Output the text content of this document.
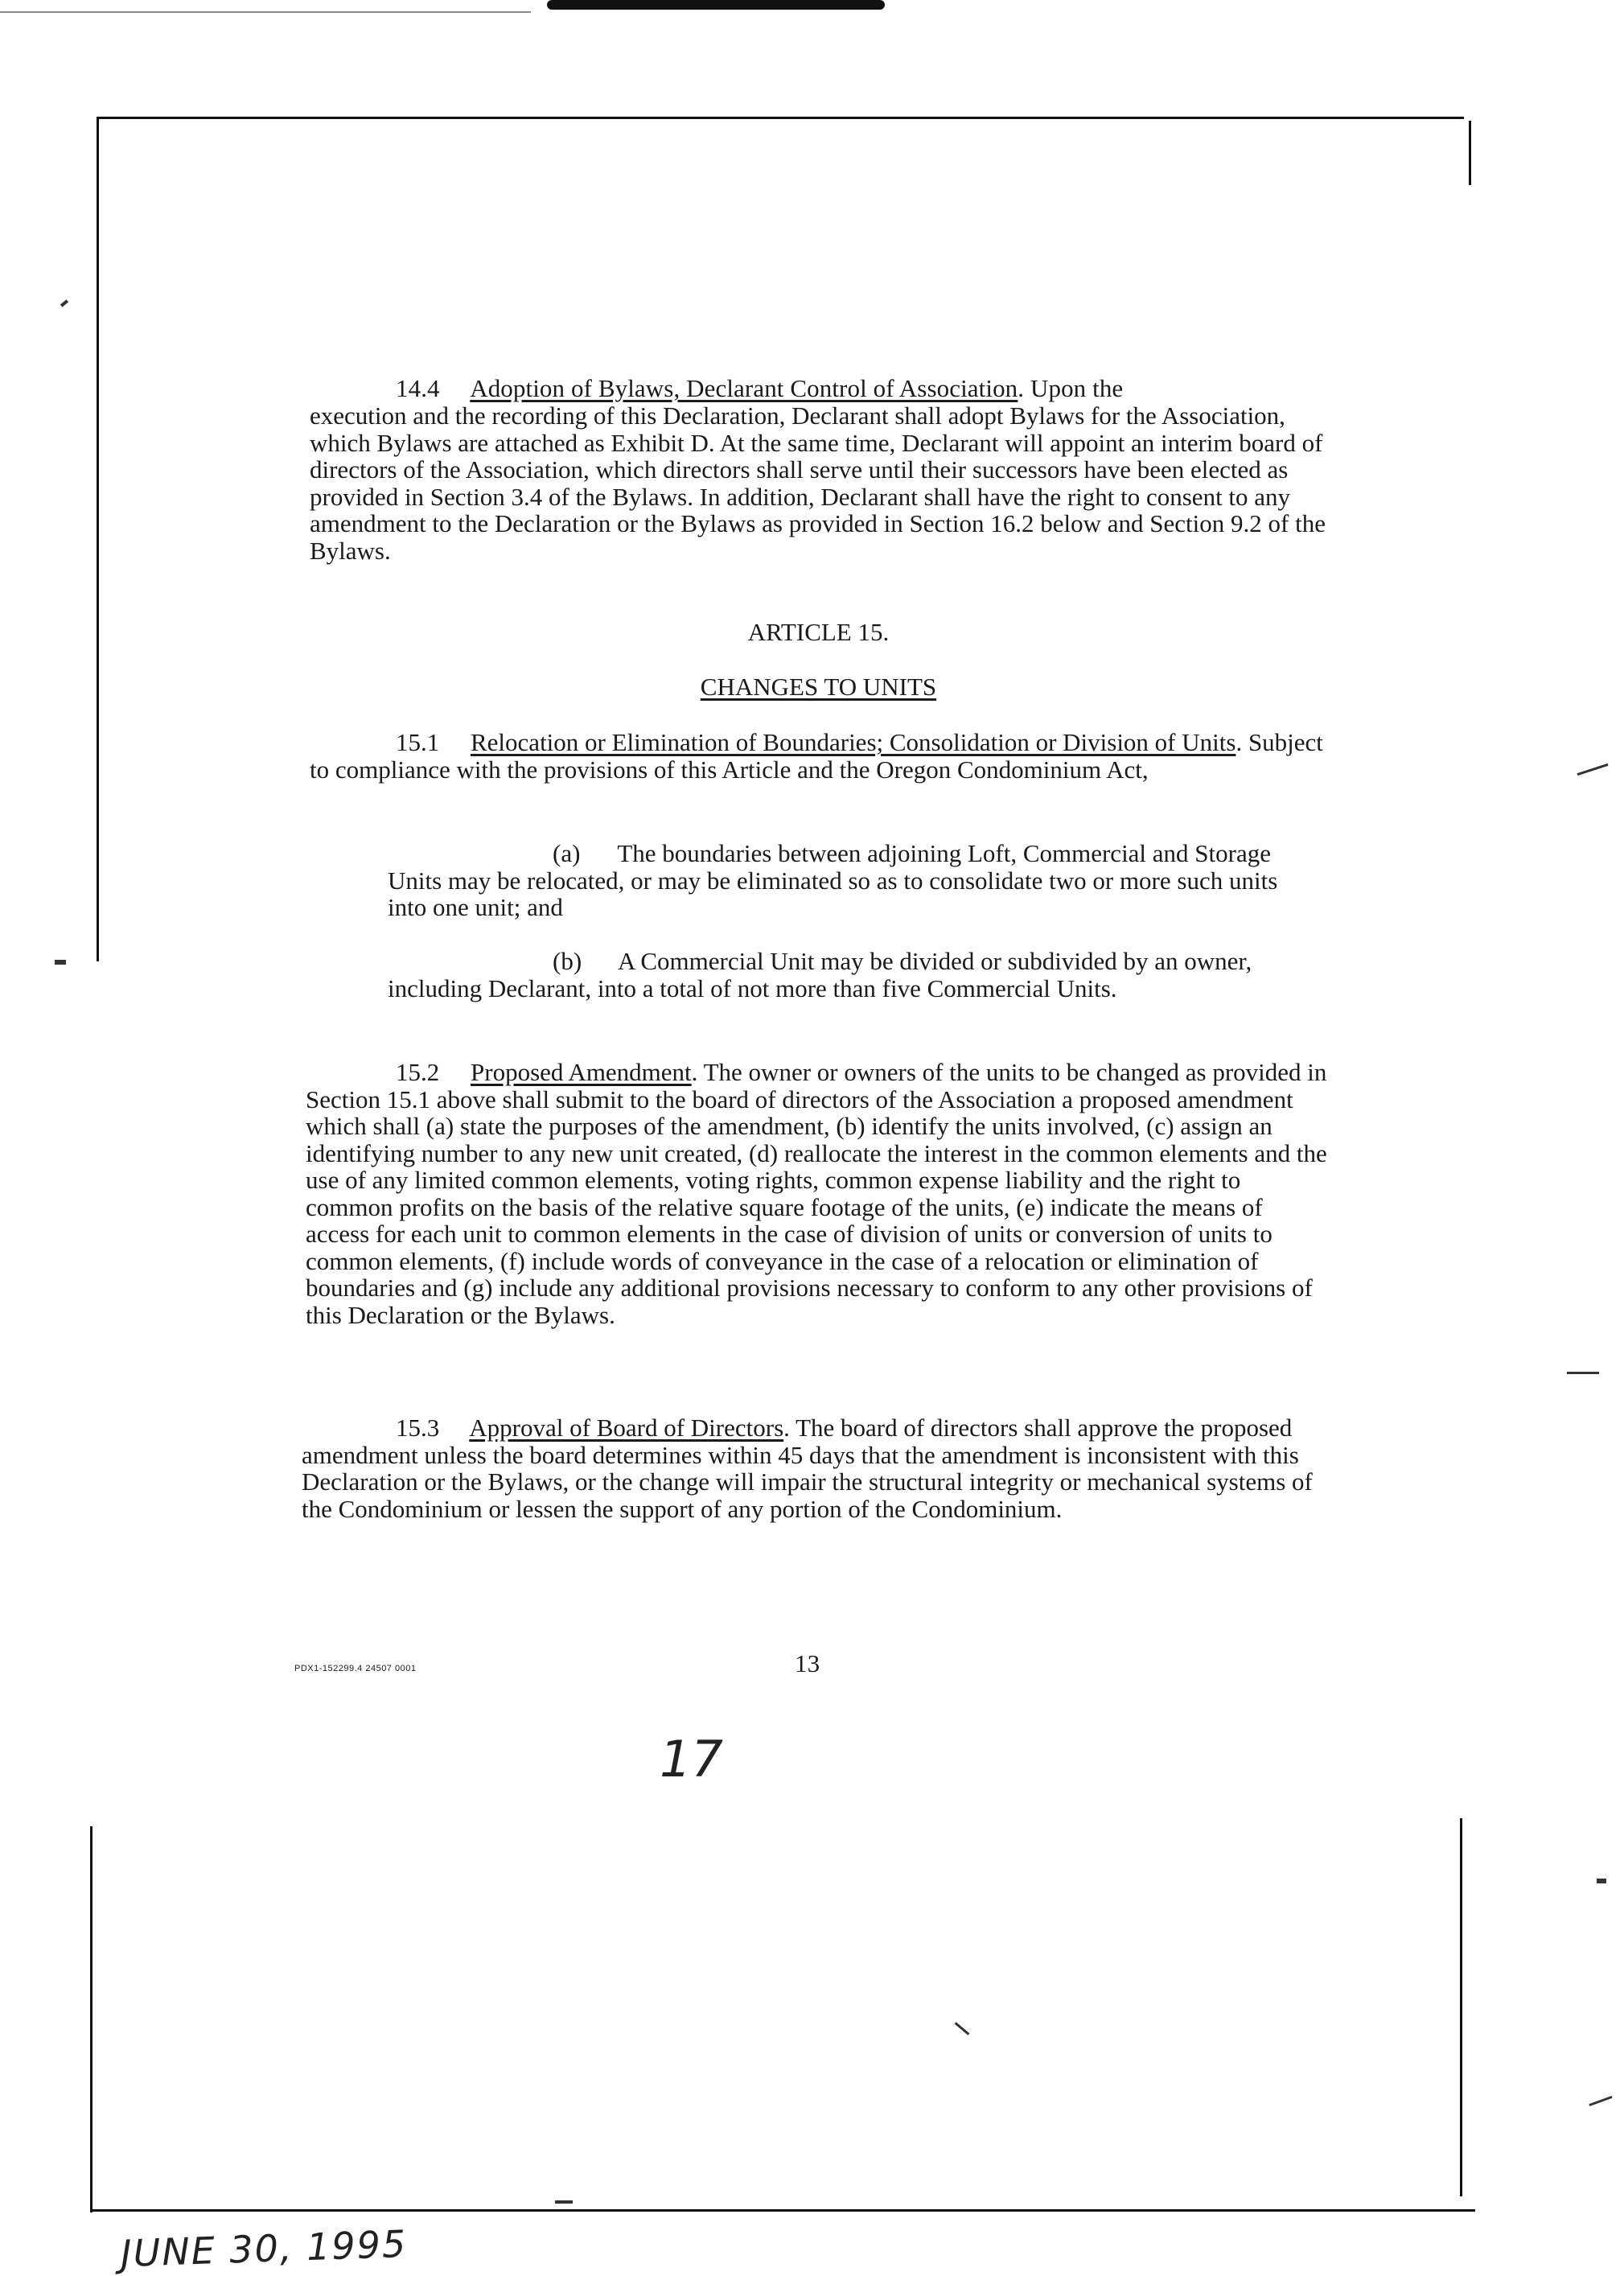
14.4 Adoption of Bylaws, Declarant Control of Association. Upon the

execution and the recording of this Declaration, Declarant shall adopt Bylaws for the Association, which Bylaws are attached as Exhibit D. At the same time, Declarant will appoint an interim board of directors of the Association, which directors shall serve until their successors have been elected as provided in Section 3.4 of the Bylaws. In addition, Declarant shall have the right to consent to any amendment to the Declaration or the Bylaws as provided in Section 16.2 below and Section 9.2 of the Bylaws.

ARTICLE 15.
CHANGES TO UNITS

15.1 Relocation or Elimination of Boundaries; Consolidation or Division of Units. Subject to compliance with the provisions of this Article and the Oregon Condominium Act,

(a) The boundaries between adjoining Loft, Commercial and Storage Units may be relocated, or may be eliminated so as to consolidate two or more such units into one unit; and

(b) A Commercial Unit may be divided or subdivided by an owner, including Declarant, into a total of not more than five Commercial Units.

15.2 Proposed Amendment. The owner or owners of the units to be changed as provided in Section 15.1 above shall submit to the board of directors of the Association a proposed amendment which shall (a) state the purposes of the amendment, (b) identify the units involved, (c) assign an identifying number to any new unit created, (d) reallocate the interest in the common elements and the use of any limited common elements, voting rights, common expense liability and the right to common profits on the basis of the relative square footage of the units, (e) indicate the means of access for each unit to common elements in the case of division of units or conversion of units to common elements, (f) include words of conveyance in the case of a relocation or elimination of boundaries and (g) include any additional provisions necessary to conform to any other provisions of this Declaration or the Bylaws.

15.3 Approval of Board of Directors. The board of directors shall approve the proposed amendment unless the board determines within 45 days that the amendment is inconsistent with this Declaration or the Bylaws, or the change will impair the structural integrity or mechanical systems of the Condominium or lessen the support of any portion of the Condominium.

PDX1-152299.4 24507 0001	13
17
JUNE 30, 1995
